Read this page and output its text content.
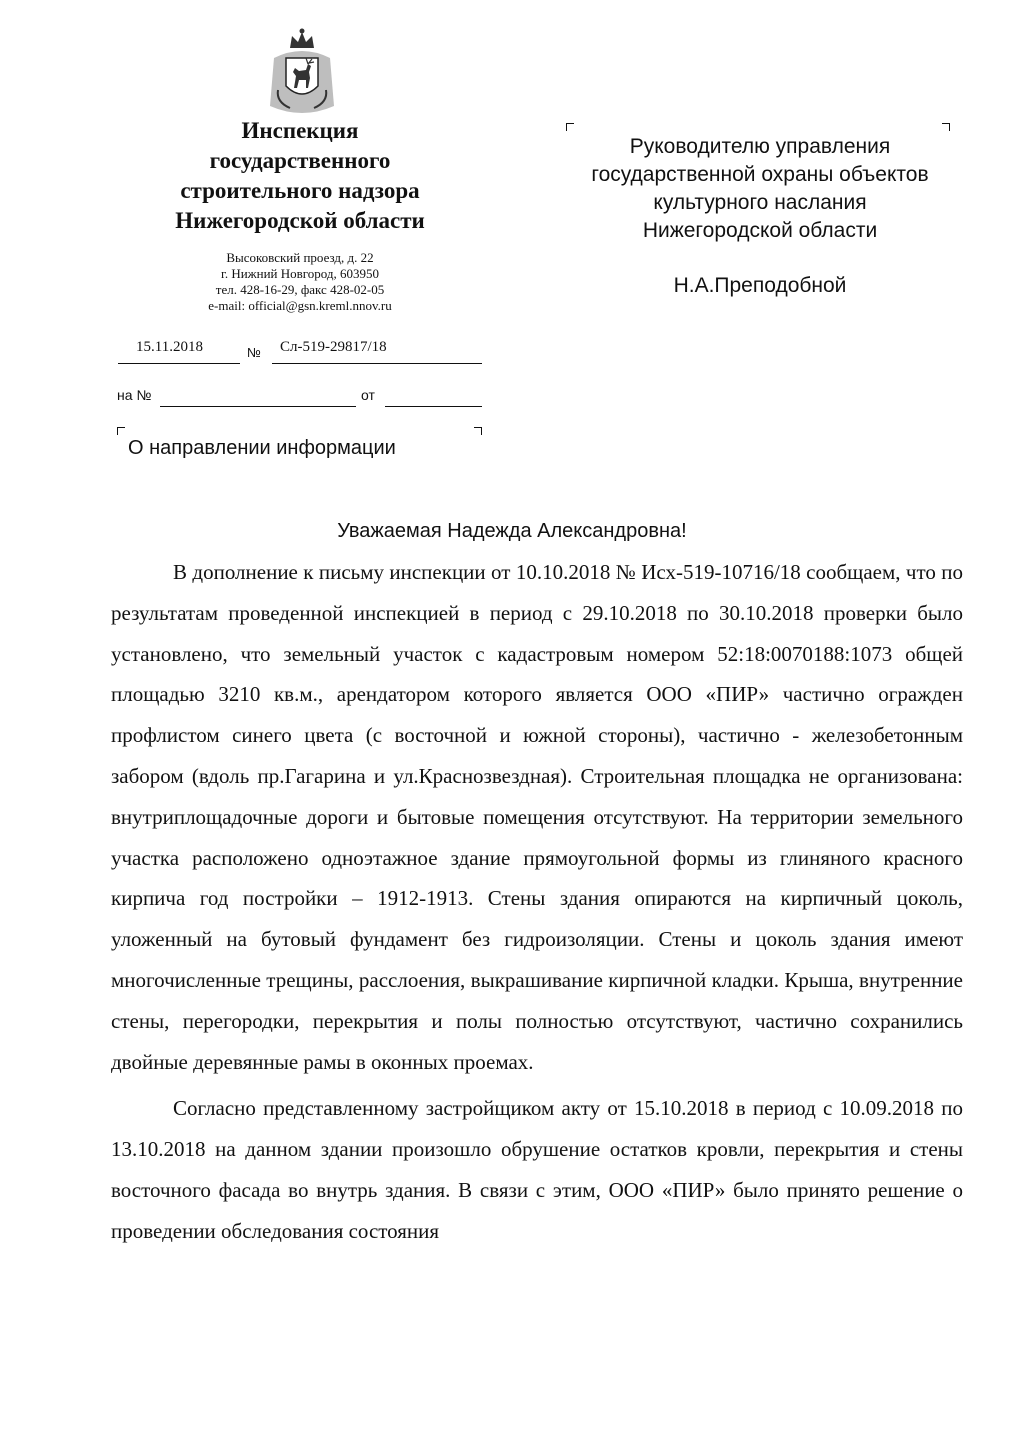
Инспекция
государственного
строительного надзора
Нижегородской области
Высоковский проезд, д. 22
г. Нижний Новгород, 603950
тел. 428-16-29, факс 428-02-05
e-mail: official@gsn.kreml.nnov.ru
15.11.2018	№ Сл-519-29817/18
на №	от
О направлении информации
Руководителю управления
государственной охраны объектов
культурного наслания
Нижегородской области
Н.А.Преподобной
Уважаемая Надежда Александровна!

В дополнение к письму инспекции от 10.10.2018 № Исх-519-10716/18 сообщаем, что по результатам проведенной инспекцией в период с 29.10.2018 по 30.10.2018 проверки было установлено, что земельный участок с кадастровым номером 52:18:0070188:1073 общей площадью 3210 кв.м., арендатором которого является ООО «ПИР» частично огражден профлистом синего цвета (с восточной и южной стороны), частично - железобетонным забором (вдоль пр.Гагарина и ул.Краснозвездная). Строительная площадка не организована: внутриплощадочные дороги и бытовые помещения отсутствуют. На территории земельного участка расположено одноэтажное здание прямоугольной формы из глиняного красного кирпича год постройки – 1912-1913. Стены здания опираются на кирпичный цоколь, уложенный на бутовый фундамент без гидроизоляции. Стены и цоколь здания имеют многочисленные трещины, расслоения, выкрашивание кирпичной кладки. Крыша, внутренние стены, перегородки, перекрытия и полы полностью отсутствуют, частично сохранились двойные деревянные рамы в оконных проемах.

Согласно представленному застройщиком акту от 15.10.2018 в период с 10.09.2018 по 13.10.2018 на данном здании произошло обрушение остатков кровли, перекрытия и стены восточного фасада во внутрь здания. В связи с этим, ООО «ПИР» было принято решение о проведении обследования состояния
